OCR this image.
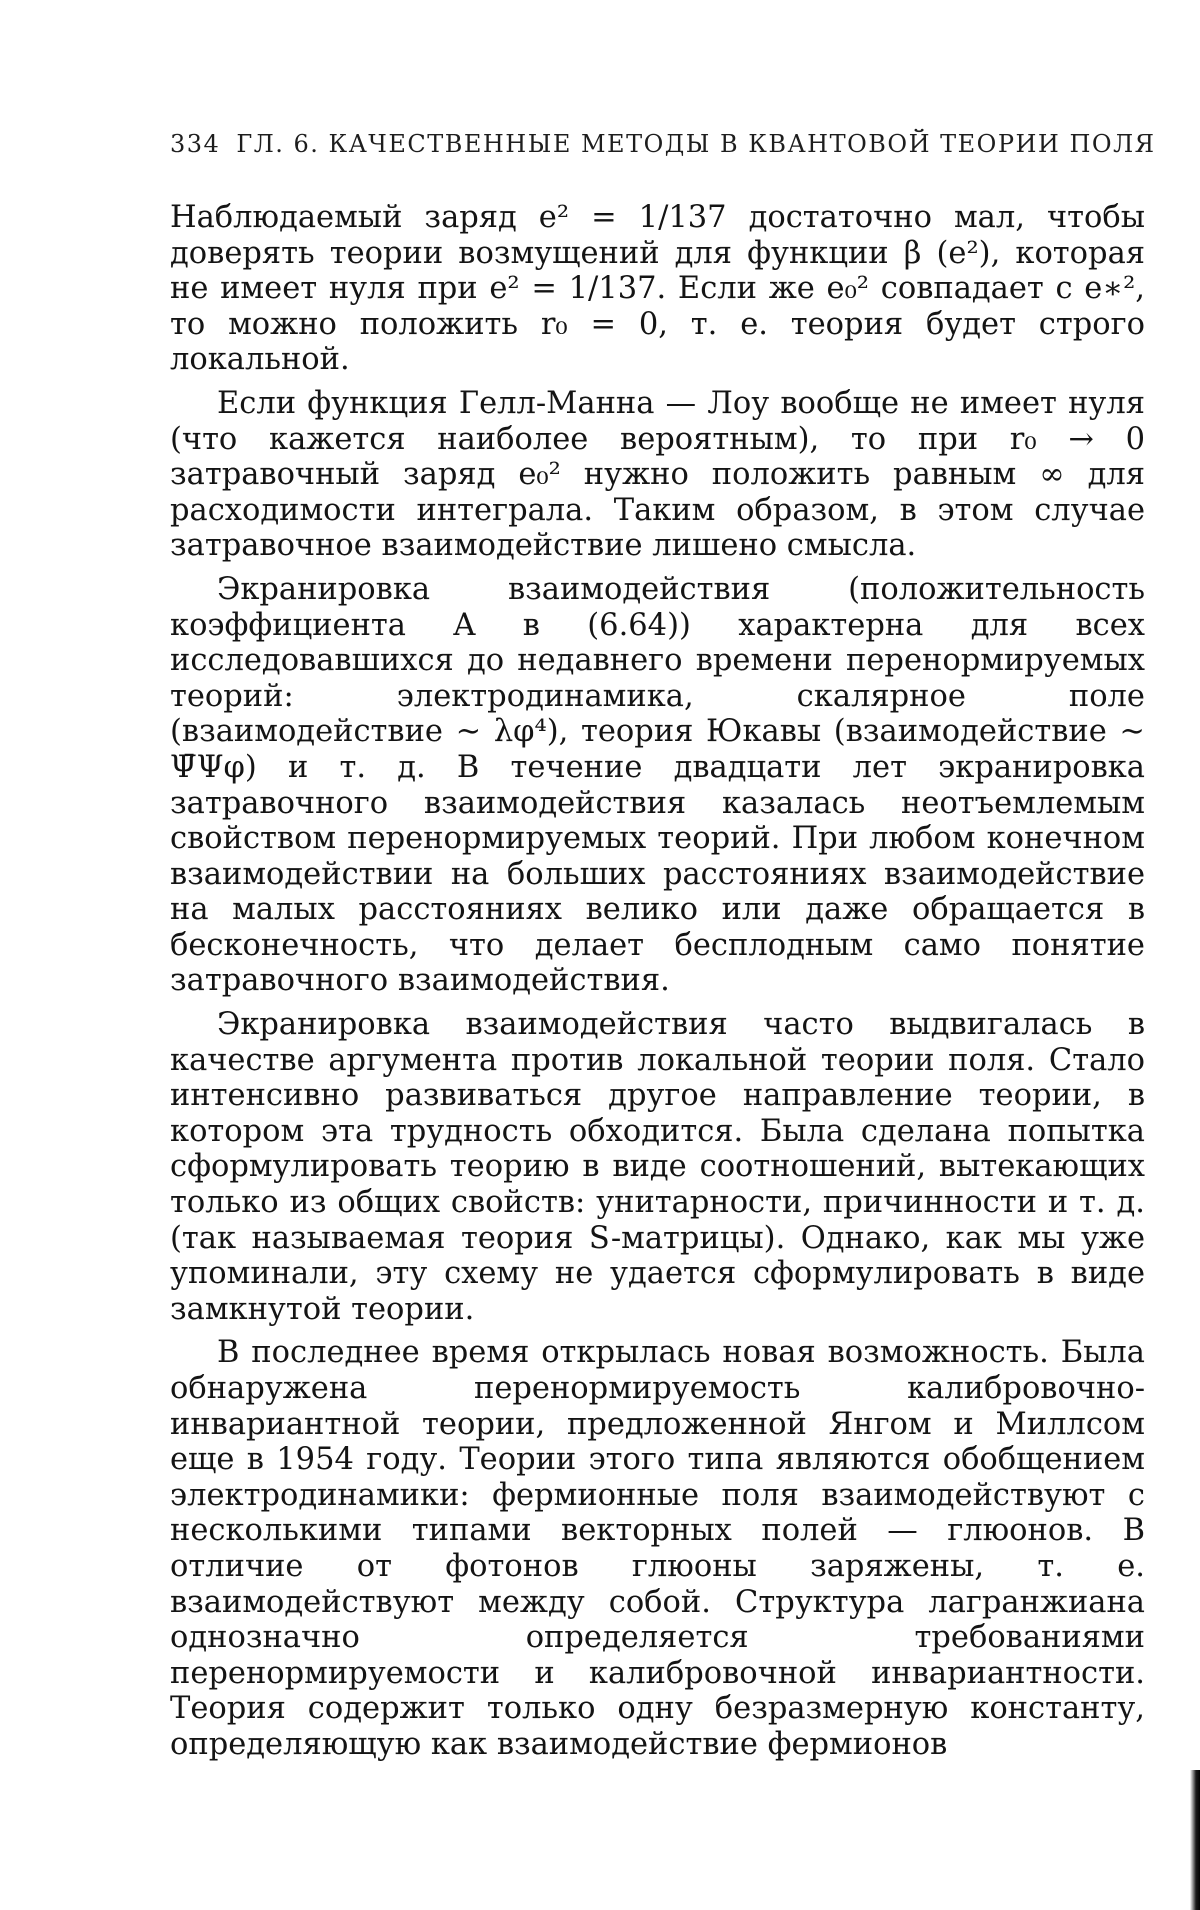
334 ГЛ. 6. КАЧЕСТВЕННЫЕ МЕТОДЫ В КВАНТОВОЙ ТЕОРИИ ПОЛЯ

Наблюдаемый заряд e² = 1/137 достаточно мал, чтобы доверять теории возмущений для функции β (e²), которая не имеет нуля при e² = 1/137. Если же e₀² совпадает с e∗², то можно положить r₀ = 0, т. е. теория будет строго локальной.

Если функция Гелл-Манна — Лоу вообще не имеет нуля (что кажется наиболее вероятным), то при r₀ → 0 затравочный заряд e₀² нужно положить равным ∞ для расходимости интеграла. Таким образом, в этом случае затравочное взаимодействие лишено смысла.

Экранировка взаимодействия (положительность коэффициента A в (6.64)) характерна для всех исследовавшихся до недавнего времени перенормируемых теорий: электродинамика, скалярное поле (взаимодействие ∼ λφ⁴), теория Юкавы (взаимодействие ∼ Ψ̄Ψφ) и т. д. В течение двадцати лет экранировка затравочного взаимодействия казалась неотъемлемым свойством перенормируемых теорий. При любом конечном взаимодействии на больших расстояниях взаимодействие на малых расстояниях велико или даже обращается в бесконечность, что делает бесплодным само понятие затравочного взаимодействия.

Экранировка взаимодействия часто выдвигалась в качестве аргумента против локальной теории поля. Стало интенсивно развиваться другое направление теории, в котором эта трудность обходится. Была сделана попытка сформулировать теорию в виде соотношений, вытекающих только из общих свойств: унитарности, причинности и т. д. (так называемая теория S-матрицы). Однако, как мы уже упоминали, эту схему не удается сформулировать в виде замкнутой теории.

В последнее время открылась новая возможность. Была обнаружена перенормируемость калибровочно-инвариантной теории, предложенной Янгом и Миллсом еще в 1954 году. Теории этого типа являются обобщением электродинамики: фермионные поля взаимодействуют с несколькими типами векторных полей — глюонов. В отличие от фотонов глюоны заряжены, т. е. взаимодействуют между собой. Структура лагранжиана однозначно определяется требованиями перенормируемости и калибровочной инвариантности. Теория содержит только одну безразмерную константу, определяющую как взаимодействие фермионов
